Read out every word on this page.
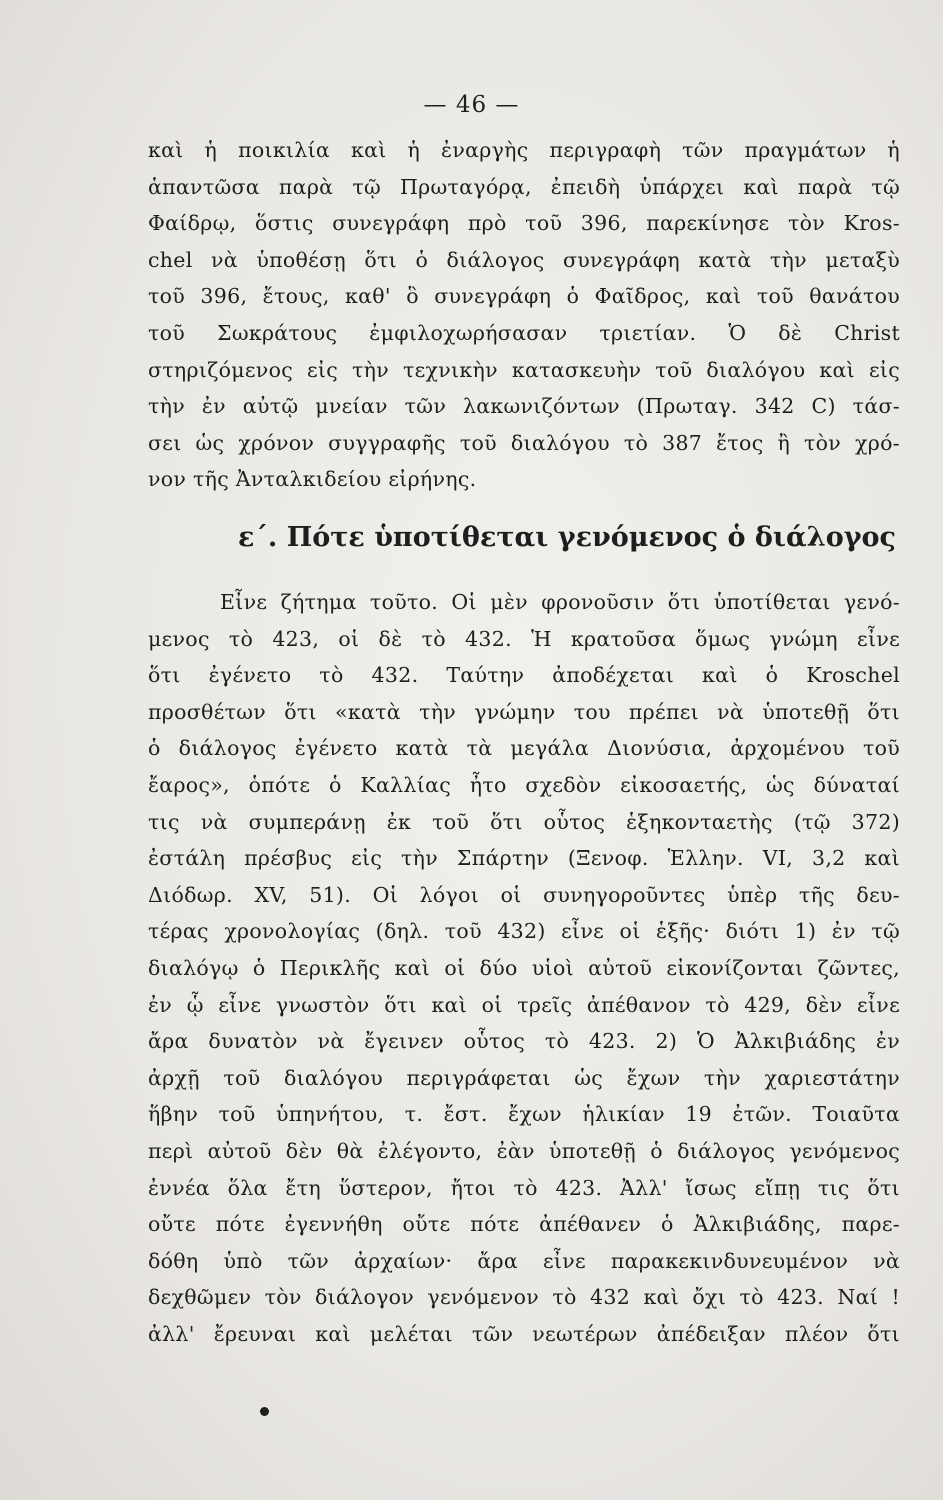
— 46 —
καὶ ἡ ποικιλία καὶ ἡ ἐναργὴς περιγραφὴ τῶν πραγμάτων ἡ
ἁπαντῶσα παρὰ τῷ Πρωταγόρᾳ, ἐπειδὴ ὑπάρχει καὶ παρὰ τῷ
Φαίδρῳ, ὅστις συνεγράφη πρὸ τοῦ 396, παρεκίνησε τὸν Kros-
chel νὰ ὑποθέσῃ ὅτι ὁ διάλογος συνεγράφη κατὰ τὴν μεταξὺ
τοῦ 396, ἔτους, καθ' ὃ συνεγράφη ὁ Φαῖδρος, καὶ τοῦ θανάτου
τοῦ Σωκράτους ἐμφιλοχωρήσασαν τριετίαν. Ὁ δὲ Christ
στηριζόμενος εἰς τὴν τεχνικὴν κατασκευὴν τοῦ διαλόγου καὶ εἰς
τὴν ἐν αὐτῷ μνείαν τῶν λακωνιζόντων (Πρωταγ. 342 C) τάσ-
σει ὡς χρόνον συγγραφῆς τοῦ διαλόγου τὸ 387 ἔτος ἢ τὸν χρό-
νον τῆς Ἀνταλκιδείου εἰρήνης.
ε΄. Πότε ὑποτίθεται γενόμενος ὁ διάλογος
Εἶνε ζήτημα τοῦτο. Οἱ μὲν φρονοῦσιν ὅτι ὑποτίθεται γενό-
μενος τὸ 423, οἱ δὲ τὸ 432. Ἡ κρατοῦσα ὅμως γνώμη εἶνε
ὅτι ἐγένετο τὸ 432. Ταύτην ἀποδέχεται καὶ ὁ Kroschel
προσθέτων ὅτι «κατὰ τὴν γνώμην του πρέπει νὰ ὑποτεθῇ ὅτι
ὁ διάλογος ἐγένετο κατὰ τὰ μεγάλα Διονύσια, ἀρχομένου τοῦ
ἔαρος», ὁπότε ὁ Καλλίας ἦτο σχεδὸν εἰκοσαετής, ὡς δύναταί
τις νὰ συμπεράνῃ ἐκ τοῦ ὅτι οὗτος ἑξηκονταετὴς (τῷ 372)
ἐστάλη πρέσβυς εἰς τὴν Σπάρτην (Ξενοφ. Ἑλλην. VI, 3,2 καὶ
Διόδωρ. XV, 51). Οἱ λόγοι οἱ συνηγοροῦντες ὑπὲρ τῆς δευ-
τέρας χρονολογίας (δηλ. τοῦ 432) εἶνε οἱ ἑξῆς· διότι 1) ἐν τῷ
διαλόγῳ ὁ Περικλῆς καὶ οἱ δύο υἱοὶ αὐτοῦ εἰκονίζονται ζῶντες,
ἐν ᾧ εἶνε γνωστὸν ὅτι καὶ οἱ τρεῖς ἀπέθανον τὸ 429, δὲν εἶνε
ἄρα δυνατὸν νὰ ἔγεινεν οὗτος τὸ 423. 2) Ὁ Ἀλκιβιάδης ἐν
ἀρχῇ τοῦ διαλόγου περιγράφεται ὡς ἔχων τὴν χαριεστάτην
ἥβην τοῦ ὑπηνήτου, τ. ἔστ. ἔχων ἡλικίαν 19 ἐτῶν. Τοιαῦτα
περὶ αὐτοῦ δὲν θὰ ἐλέγοντο, ἐὰν ὑποτεθῇ ὁ διάλογος γενόμενος
ἐννέα ὅλα ἔτη ὕστερον, ἤτοι τὸ 423. Ἀλλ' ἴσως εἴπῃ τις ὅτι
οὔτε πότε ἐγεννήθη οὔτε πότε ἀπέθανεν ὁ Ἀλκιβιάδης, παρε-
δόθη ὑπὸ τῶν ἀρχαίων· ἄρα εἶνε παρακεκινδυνευμένον νὰ
δεχθῶμεν τὸν διάλογον γενόμενον τὸ 432 καὶ ὄχι τὸ 423. Ναί !
ἀλλ' ἔρευναι καὶ μελέται τῶν νεωτέρων ἀπέδειξαν πλέον ὅτι
